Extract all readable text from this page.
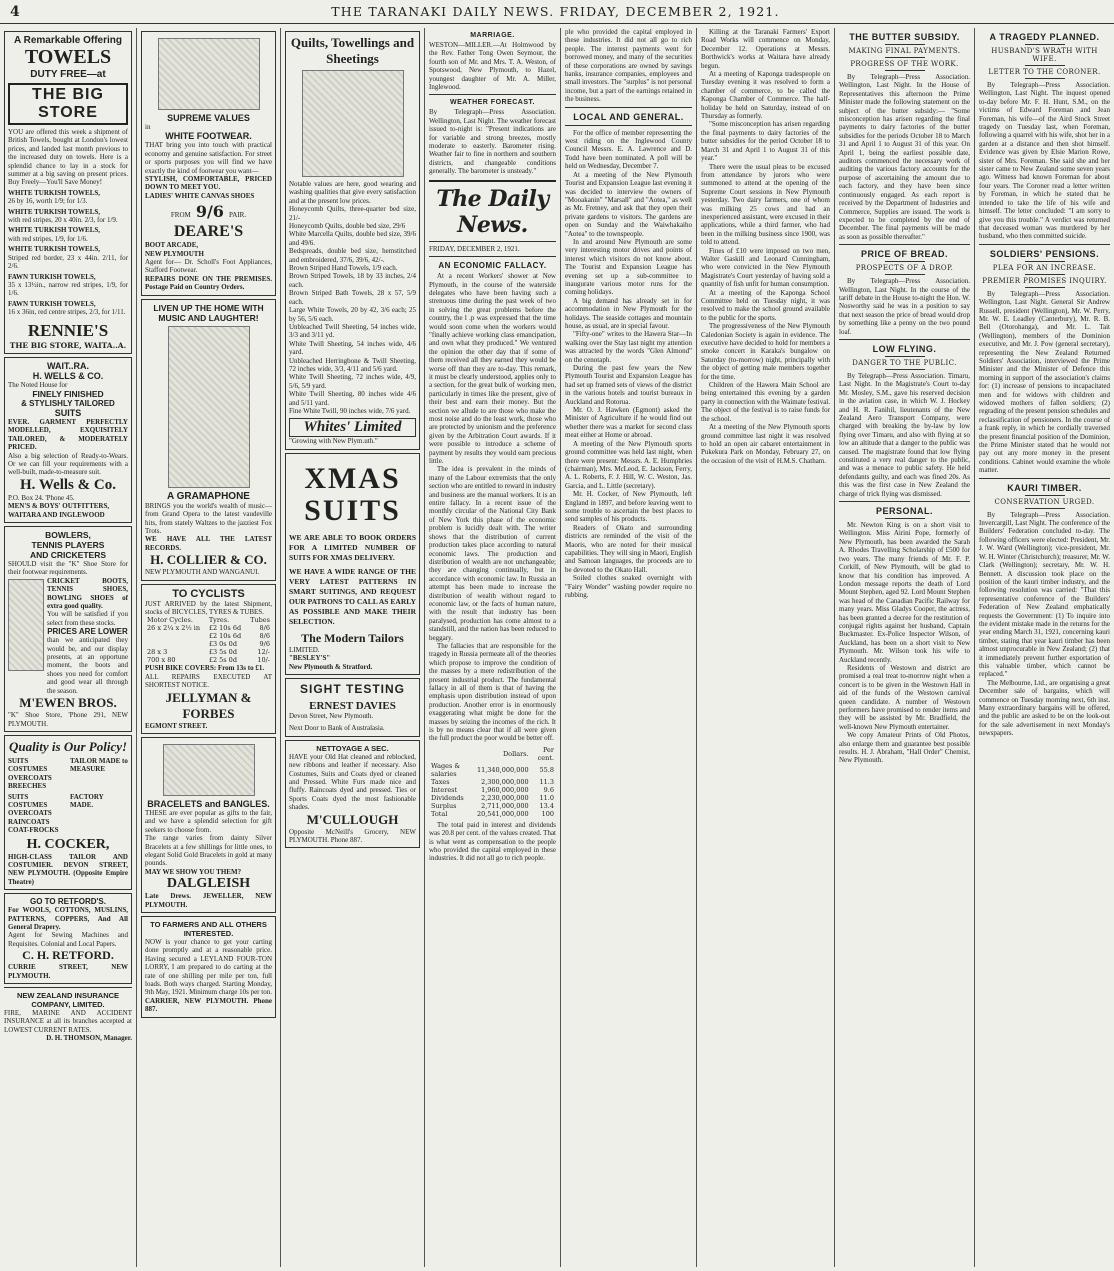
4	THE TARANAKI DAILY NEWS. FRIDAY, DECEMBER 2, 1921.
A Remarkable Offering
TOWELS
DUTY FREE—at
THE BIG STORE
YOU are offered this week a shipment of British Towels, bought at London's lowest prices, and landed last month previous to the increased duty on towels. Here is a splendid chance to lay in a stock for summer at a big saving on present prices. Buy Freely—You'll Save Money!
WHITE TURKISH TOWELS,
26 by 16, worth 1/9; for 1/3.
WHITE TURKISH TOWELS,
with red stripes, 20 x 40in. 2/3, for 1/9.
WHITE TURKISH TOWELS,
with red stripes, 1/9, for 1/6.
WHITE TURKISH TOWELS,
Striped red border, 23 x 44in. 2/11, for 2/6.
FAWN TURKISH TOWELS,
35 x 13½in., narrow red stripes, 1/9, for 1/6.
FAWN TURKISH TOWELS,
16 x 36in, red centre stripes, 2/3, for 1/11.
RENNIE'S
THE BIG STORE, WAITA..A.
WAIT..RA.
H. WELLS & CO.
The Noted House for
FINELY FINISHED
& STYLISHLY TAILORED
SUITS
EVER. GARMENT PERFECTLY MODELLED, EXQUISITELY TAILORED, & MODERATELY PRICED.
Also a big selection of Ready-to-Wears. Or we can fill your requirements with a well-built, made-to-measure suit.
H. Wells & Co.
P.O. Box 24. 'Phone 45.
MEN'S & BOYS' OUTFITTERS,
WAITARA AND INGLEWOOD
BOWLERS,
TENNIS PLAYERS
AND CRICKETERS
SHOULD visit the "K" Shoe Store for their footwear requirements.
CRICKET BOOTS, TENNIS SHOES, BOWLING SHOES of extra good quality.
You will be satisfied if you select from these stocks.
PRICES ARE LOWER
than we anticipated they would be, and our display presents, at an opportune moment, the boots and shoes you need for comfort and good wear all through the season.
M'EWEN BROS.
"K" Shoe Store, 'Phone 291, NEW PLYMOUTH.
Quality is Our Policy!
SUITS COSTUMES OVERCOATS BREECHES
TAILOR MADE to MEASURE
SUITS COSTUMES OVERCOATS RAINCOATS COAT-FROCKS
FACTORY MADE.
H. COCKER,
HIGH-CLASS TAILOR AND COSTUMIER. DEVON STREET, NEW PLYMOUTH. (Opposite Empire Theatre)
GO TO RETFORD'S.
For WOOLS, COTTONS, MUSLINS, PATTERNS, COPPERS, And All General Drapery.
Agent for Sewing Machines and Requisites. Colonial and Local Papers.
C. H. RETFORD.
CURRIE STREET, NEW PLYMOUTH.
NEW ZEALAND INSURANCE COMPANY, LIMITED.
FIRE, MARINE AND ACCIDENT INSURANCE at all its branches accepted at LOWEST CURRENT RATES.
D. H. THOMSON, Manager.
SUPREME VALUES
in
WHITE FOOTWEAR.
THAT bring you into touch with practical economy and genuine satisfaction. For street or sports purposes you will find we have exactly the kind of footwear you want—
STYLISH, COMFORTABLE, PRICED DOWN TO MEET YOU.
LADIES' WHITE CANVAS SHOES
FROM 9/6 PAIR.
DEARE'S
BOOT ARCADE,
NEW PLYMOUTH
Agent for— Dr. Scholl's Foot Appliances, Stafford Footwear.
REPAIRS DONE ON THE PREMISES. Postage Paid on Country Orders.
LIVEN UP THE HOME WITH MUSIC AND LAUGHTER!
A GRAMAPHONE
BRINGS you the world's wealth of music—from Grand Opera to the latest vaudeville hits, from stately Waltzes to the jazziest Fox Trots.
WE HAVE ALL THE LATEST RECORDS.
H. COLLIER & CO.
NEW PLYMOUTH AND WANGANUI.
TO CYCLISTS
JUST ARRIVED by the latest Shipment, stocks of BICYCLES, TYRES & TUBES.
Motor Cycles.	Tyres.	Tubes
26 x 2¼ x 2½ in	£2 10s 6d	8/6
	£2 10s 6d	8/6
	£3 0s 0d	9/6
28 x 3	£3 5s 0d	12/-
700 x 80	£2 5s 0d	10/-
PUSH BIKE COVERS: From 13s to £1.
ALL REPAIRS EXECUTED AT SHORTEST NOTICE.
JELLYMAN & FORBES
EGMONT STREET.
BRACELETS and BANGLES.
THESE are ever popular as gifts to the fair, and we have a splendid selection for gift seekers to choose from.
The range varies from dainty Silver Bracelets at a few shillings for little ones, to elegant Solid Gold Bracelets in gold at many pounds.
MAY WE SHOW YOU THEM?
DALGLEISH
Late Drews. JEWELLER, NEW PLYMOUTH.
TO FARMERS AND ALL OTHERS INTERESTED.
NOW is your chance to get your carting done promptly and at a reasonable price. Having secured a LEYLAND FOUR-TON LORRY, I am prepared to do carting at the rate of one shilling per mile per ton, full loads. Both ways charged. Starting Monday, 9th May, 1921. Minimum charge 10s per ton.
CARRIER, NEW PLYMOUTH. Phone 887.
Quilts, Towellings and Sheetings
Notable values are here, good wearing and washing qualities that give every satisfaction and at the present low prices.
Honeycomb Quilts, three-quarter bed size, 21/-
Honeycomb Quilts, double bed size, 29/6
White Marcella Quilts, double bed size, 39/6 and 49/6.
Bedspreads, double bed size, hemstitched and embroidered, 37/6, 39/6, 42/-.
Brown Striped Hand Towels, 1/9 each.
Brown Striped Towels, 18 by 33 inches, 2/4 each.
Brown Striped Bath Towels, 28 x 57, 5/9 each.
Large White Towels, 20 by 42, 3/6 each; 25 by 56, 5/6 each.
Unbleached Twill Sheeting, 54 inches wide, 3/3 and 3/11 yd.
White Twill Sheeting, 54 inches wide, 4/6 yard.
Unbleached Herringbone & Twill Sheeting, 72 inches wide, 3/3, 4/11 and 5/6 yard.
White Twill Sheeting, 72 inches wide, 4/9, 5/6, 5/9 yard.
White Twill Sheeting, 80 inches wide 4/6 and 5/11 yard.
Fine White Twill, 90 inches wide, 7/6 yard.
Whites' Limited
"Growing with New Plym.uth."
XMAS SUITS
WE ARE ABLE TO BOOK ORDERS FOR A LIMITED NUMBER OF SUITS FOR XMAS DELIVERY.
WE HAVE A WIDE RANGE OF THE VERY LATEST PATTERNS IN SMART SUITINGS, AND REQUEST OUR PATRONS TO CALL AS EARLY AS POSSIBLE AND MAKE THEIR SELECTION.
The Modern Tailors
LIMITED.
"BESLEY'S"
New Plymouth & Stratford.
SIGHT TESTING
ERNEST DAVIES
Devon Street, New Plymouth.
Next Door to Bank of Australasia.
NETTOYAGE A SEC.
HAVE your Old Hat cleaned and reblocked, new ribbons and leather if necessary. Also Costumes, Suits and Coats dyed or cleaned and Pressed. White Furs made nice and fluffy. Raincoats dyed and pressed. Ties or Sports Coats dyed the most fashionable shades.
M'CULLOUGH
Opposite McNeill's Grocery, NEW PLYMOUTH. Phone 887.
MARRIAGE.
WESTON—MILLER.—At Holmwood by the Rev. Father Tong Owen Seymour, the fourth son of Mr. and Mrs. T. A. Weston, of Spotswood, New Plymouth, to Hazel, youngest daughter of Mr. A. Miller, Inglewood.
WEATHER FORECAST.
By Telegraph—Press Association. Wellington, Last Night. The weather forecast issued to-night is: "Present indications are for variable and strong breezes, mostly moderate to easterly. Barometer rising. Weather fair to fine in northern and southern districts, and changeable conditions generally. The barometer is unsteady."
The Daily News.
FRIDAY, DECEMBER 2, 1921.
AN ECONOMIC FALLACY.

At a recent Workers' shower at New Plymouth, in the course of the waterside delegates who have been having such a strenuous time during the past week of two in solving the great problems before the country, the l .p was expressed that the time would soon come when the workers would "finally achieve working class emancipation, and own what they produced." We ventured the opinion the other day that if some of them received all they earned they would be worse off than they are to-day. This remark, it must be clearly understood, applies only to a section, for the great bulk of working men, particularly in times like the present, give of their best and earn their money. But the section we allude to are those who make the most noise and do the least work, those who are protected by unionism and the preference given by the Arbitration Court awards. If it were possible to introduce a scheme of payment by results they would earn precious little.

The idea is prevalent in the minds of many of the Labour extremists that the only section who are entitled to reward in industry and business are the manual workers. It is an entire fallacy. In a recent issue of the monthly circular of the National City Bank of New York this phase of the economic problem is lucidly dealt with. The writer shows that the distribution of current production takes place according to natural economic laws. The production and distribution of wealth are not unchangeable; they are changing continually, but in accordance with economic law. In Russia an attempt has been made to increase the distribution of wealth without regard to economic law, or the facts of human nature, with the result that industry has been paralysed, production has come almost to a standstill, and the nation has been reduced to beggary.

The fallacies that are responsible for the tragedy in Russia permeate all of the theories which propose to improve the condition of the masses by a mere redistribution of the present industrial product. The fundamental fallacy in all of them is that of having the emphasis upon distribution instead of upon production. Another error is in enormously exaggerating what might be done for the masses by seizing the incomes of the rich. It is by no means clear that if all were given the full product the poor would be better off.

	Dollars.	Per cent.
Wages & salaries	11,340,000,000	55.8
Taxes	2,300,000,000	11.3
Interest	1,960,000,000	9.6
Dividends	2,230,000,000	11.0
Surplus	2,711,000,000	13.4
Total	20,541,000,000	100

The total paid in interest and dividends was 20.8 per cent. of the values created. That is what went as compensation to the people who provided the capital employed in these industries. It did not all go to rich people.

ple who provided the capital employed in these industries. It did not all go to rich people. The interest payments went for borrowed money, and many of the securities of these corporations are owned by savings banks, insurance companies, employees and small investors. The "surplus" is not personal income, but a part of the earnings retained in the business.
LOCAL AND GENERAL.

For the office of member representing the west riding on the Inglewood County Council Messrs. E. A. Lawrence and D. Todd have been nominated. A poll will be held on Wednesday, December 7.

At a meeting of the New Plymouth Tourist and Expansion League last evening it was decided to interview the owners of "Mooakanin" "Marsall" and "Aotea," as well as Mr. Fretney, and ask that they open their private gardens to visitors. The gardens are open on Sunday and the Waiwhakaiho "Aotea" to the townspeople.

In and around New Plymouth are some very interesting motor drives and points of interest which visitors do not know about. The Tourist and Expansion League has evening set up a sub-committee to inaugurate various motor runs for the coming holidays.

A big demand has already set in for accommodation in New Plymouth for the holidays. The seaside cottages and mountain house, as usual, are in special favour.

"Fifty-one" writes to the Hawera Star—In walking over the Stay last night my attention was attracted by the words "Glen Almond" on the cenotaph.

During the past few years the New Plymouth Tourist and Expansion League has had set up framed sets of views of the district in the various hotels and tourist bureaux in Auckland and Rotorua.

Mr. O. J. Hawken (Egmont) asked the Minister of Agriculture if he would find out whether there was a market for second class meat either at Home or abroad.

A meeting of the New Plymouth sports ground committee was held last night, when there were present: Messrs. A. E. Humphries (chairman), Mrs. McLeod, E. Jackson, Ferry, A. L. Roberts, F. J. Hill, W. C. Weston, Jas. Garcia, and L. Little (secretary).

Mr. H. Cocker, of New Plymouth, left England in 1897, and before leaving went to some trouble to ascertain the best places to send samples of his products.

Readers of Okato and surrounding districts are reminded of the visit of the Maoris, who are noted for their musical capabilities. They will sing in Maori, English and Samoan languages, the proceeds are to be devoted to the Okato Hall.

Soiled clothes soaked overnight with "Fairy Wonder" washing powder require no rubbing.

Killing at the Taranaki Farmers' Export Road Works will commence on Monday, December 12. Operations at Messrs. Borthwick's works at Waitara have already begun.

At a meeting of Kaponga tradespeople on Tuesday evening it was resolved to form a chamber of commerce, to be called the Kaponga Chamber of Commerce. The half-holiday be held on Saturday, instead of on Thursday as formerly.

"Some misconception has arisen regarding the final payments to dairy factories of the butter subsidies for the period October 18 to March 31 and April 1 to August 31 of this year."

There were the usual pleas to be excused from attendance by jurors who were summoned to attend at the opening of the Supreme Court sessions in New Plymouth yesterday. Two dairy farmers, one of whom was milking 25 cows and had an inexperienced assistant, were excused in their applications, while a third farmer, who had been in the milking business since 1900, was told to attend.

Fines of £10 were imposed on two men, Walter Gaskill and Leonard Cunningham, who were convicted in the New Plymouth Magistrate's Court yesterday of having sold a quantity of fish unfit for human consumption.

At a meeting of the Kaponga School Committee held on Tuesday night, it was resolved to make the school ground available to the public for the sports.

The progressiveness of the New Plymouth Caledonian Society is again in evidence. The executive have decided to hold for members a smoke concert in Karaka's bungalow on Saturday (to-morrow) night, principally with the object of getting male members together for the time.

Children of the Hawera Main School are being entertained this evening by a garden party in connection with the Waimate festival. The object of the festival is to raise funds for the school.

At a meeting of the New Plymouth sports ground committee last night it was resolved to hold an open air cabaret entertainment in Pukekura Park on Monday, February 27, on the occasion of the visit of H.M.S. Chatham.

THE BUTTER SUBSIDY.
MAKING FINAL PAYMENTS.
PROGRESS OF THE WORK.

By Telegraph—Press Association. Wellington, Last Night. In the House of Representatives this afternoon the Prime Minister made the following statement on the subject of the butter subsidy:— "Some misconception has arisen regarding the final payments to dairy factories of the butter subsidies for the periods October 18 to March 31 and April 1 to August 31 of this year. On April 1, being the earliest possible date, auditors commenced the necessary work of auditing the various factory accounts for the purpose of ascertaining the amount due to each factory, and they have been since continuously engaged. As each report is received by the Department of Industries and Commerce, Supplies are issued. The work is expected to be completed by the end of December. The final payments will be made as soon as possible thereafter."

PRICE OF BREAD.
PROSPECTS OF A DROP.

By Telegraph—Press Association. Wellington, Last Night. In the course of the tariff debate in the House to-night the Hon. W. Nosworthy said he was in a position to say that next season the price of bread would drop by something like a penny on the two pound loaf.

LOW FLYING.
DANGER TO THE PUBLIC.

By Telegraph—Press Association. Timaru, Last Night. In the Magistrate's Court to-day Mr. Mosley, S.M., gave his reserved decision in the aviation case, in which W. J. Hockey and H. R. Fanihil, lieutenants of the New Zealand Aero Transport Company, were charged with breaking the by-law by low flying over Timaru, and also with flying at so low an altitude that a danger to the public was caused. The magistrate found that low flying constituted a very real danger to the public, and was a menace to public safety. He held defendants guilty, and each was fined 20s. As this was the first case in New Zealand the charge of trick flying was dismissed.

PERSONAL.

Mr. Newton King is on a short visit to Wellington. Miss Airini Pope, formerly of New Plymouth, has been awarded the Sarah A. Rhodes Travelling Scholarship of £500 for two years. The many friends of Mr. F. P. Corkill, of New Plymouth, will be glad to know that his condition has improved. A London message reports the death of Lord Mount Stephen, aged 92. Lord Mount Stephen was head of the Canadian Pacific Railway for many years. Miss Gladys Cooper, the actress, has been granted a decree for the restitution of conjugal rights against her husband, Captain Buckmaster. Ex-Police Inspector Wilson, of Auckland, has been on a short visit to New Plymouth. Mr. Wilson took his wife to Auckland recently.

Residents of Westown and district are promised a real treat to-morrow night when a concert is to be given in the Westown Hall in aid of the funds of the Westown carnival queen candidate. A number of Westown performers have promised to render items and they will be assisted by Mr. Bradfield, the well-known New Plymouth entertainer.

We copy Amateur Prints of Old Photos, also enlarge them and guarantee best possible results. H. J. Abraham, "Hall Order" Chemist, New Plymouth.

A TRAGEDY PLANNED.
HUSBAND'S WRATH WITH WIFE.
LETTER TO THE CORONER.

By Telegraph—Press Association. Wellington, Last Night. The inquest opened to-day before Mr. F. H. Hunt, S.M., on the victims of Edward Foreman and Jean Foreman, his wife—of the Aird Stock Street tragedy on Tuesday last, when Foreman, following a quarrel with his wife, shot her in a garden at a distance and then shot himself. Evidence was given by Elsie Marion Rowe, sister of Mrs. Foreman. She said she and her sister came to New Zealand some seven years ago. Witness had known Foreman for about four years. The Coroner read a letter written by Foreman, in which he stated that he intended to take the life of his wife and himself. The letter concluded: "I am sorry to give you this trouble." A verdict was returned that deceased woman was murdered by her husband, who then committed suicide.

SOLDIERS' PENSIONS.
PLEA FOR AN INCREASE.
PREMIER PROMISES INQUIRY.

By Telegraph—Press Association. Wellington, Last Night. General Sir Andrew Russell, president (Wellington), Mr. W. Perry, Mr. W. E. Leadley (Canterbury), Mr. R. B. Bell (Otorohanga), and Mr. L. Tait (Wellington), members of the Dominion executive, and Mr. J. Pow (general secretary), representing the New Zealand Returned Soldiers' Association, interviewed the Prime Minister and the Minister of Defence this morning in support of the association's claims for: (1) increase of pensions to incapacitated men and for widows with children and widowed mothers of fallen soldiers; (2) regrading of the present pension schedules and reclassification of pensioners. In the course of a frank reply, in which he cordially traversed the present financial position of the Dominion, the Prime Minister stated that he would not pay out any more money in the present conditions. Cabinet would examine the whole matter.

KAURI TIMBER.
CONSERVATION URGED.

By Telegraph—Press Association. Invercargill, Last Night. The conference of the Builders' Federation concluded to-day. The following officers were elected: President, Mr. J. W. Ward (Wellington); vice-president, Mr. W. H. Winter (Christchurch); treasurer, Mr. W. Clark (Wellington); secretary, Mr. W. H. Bennett. A discussion took place on the position of the kauri timber industry, and the following resolution was carried: "That this representative conference of the Builders' Federation of New Zealand emphatically requests the Government: (1) To inquire into the evident mistake made in the returns for the year ending March 31, 1921, concerning kauri timber, stating that year kauri timber has been almost unprocurable in New Zealand; (2) that it immediately prevent further exportation of this valuable timber, which cannot be replaced."

The Melbourne, Ltd., are organising a great December sale of bargains, which will commence on Tuesday morning next, 6th inst. Many extraordinary bargains will be offered, and the public are asked to be on the look-out for the sale advertisement in next Monday's newspapers.
